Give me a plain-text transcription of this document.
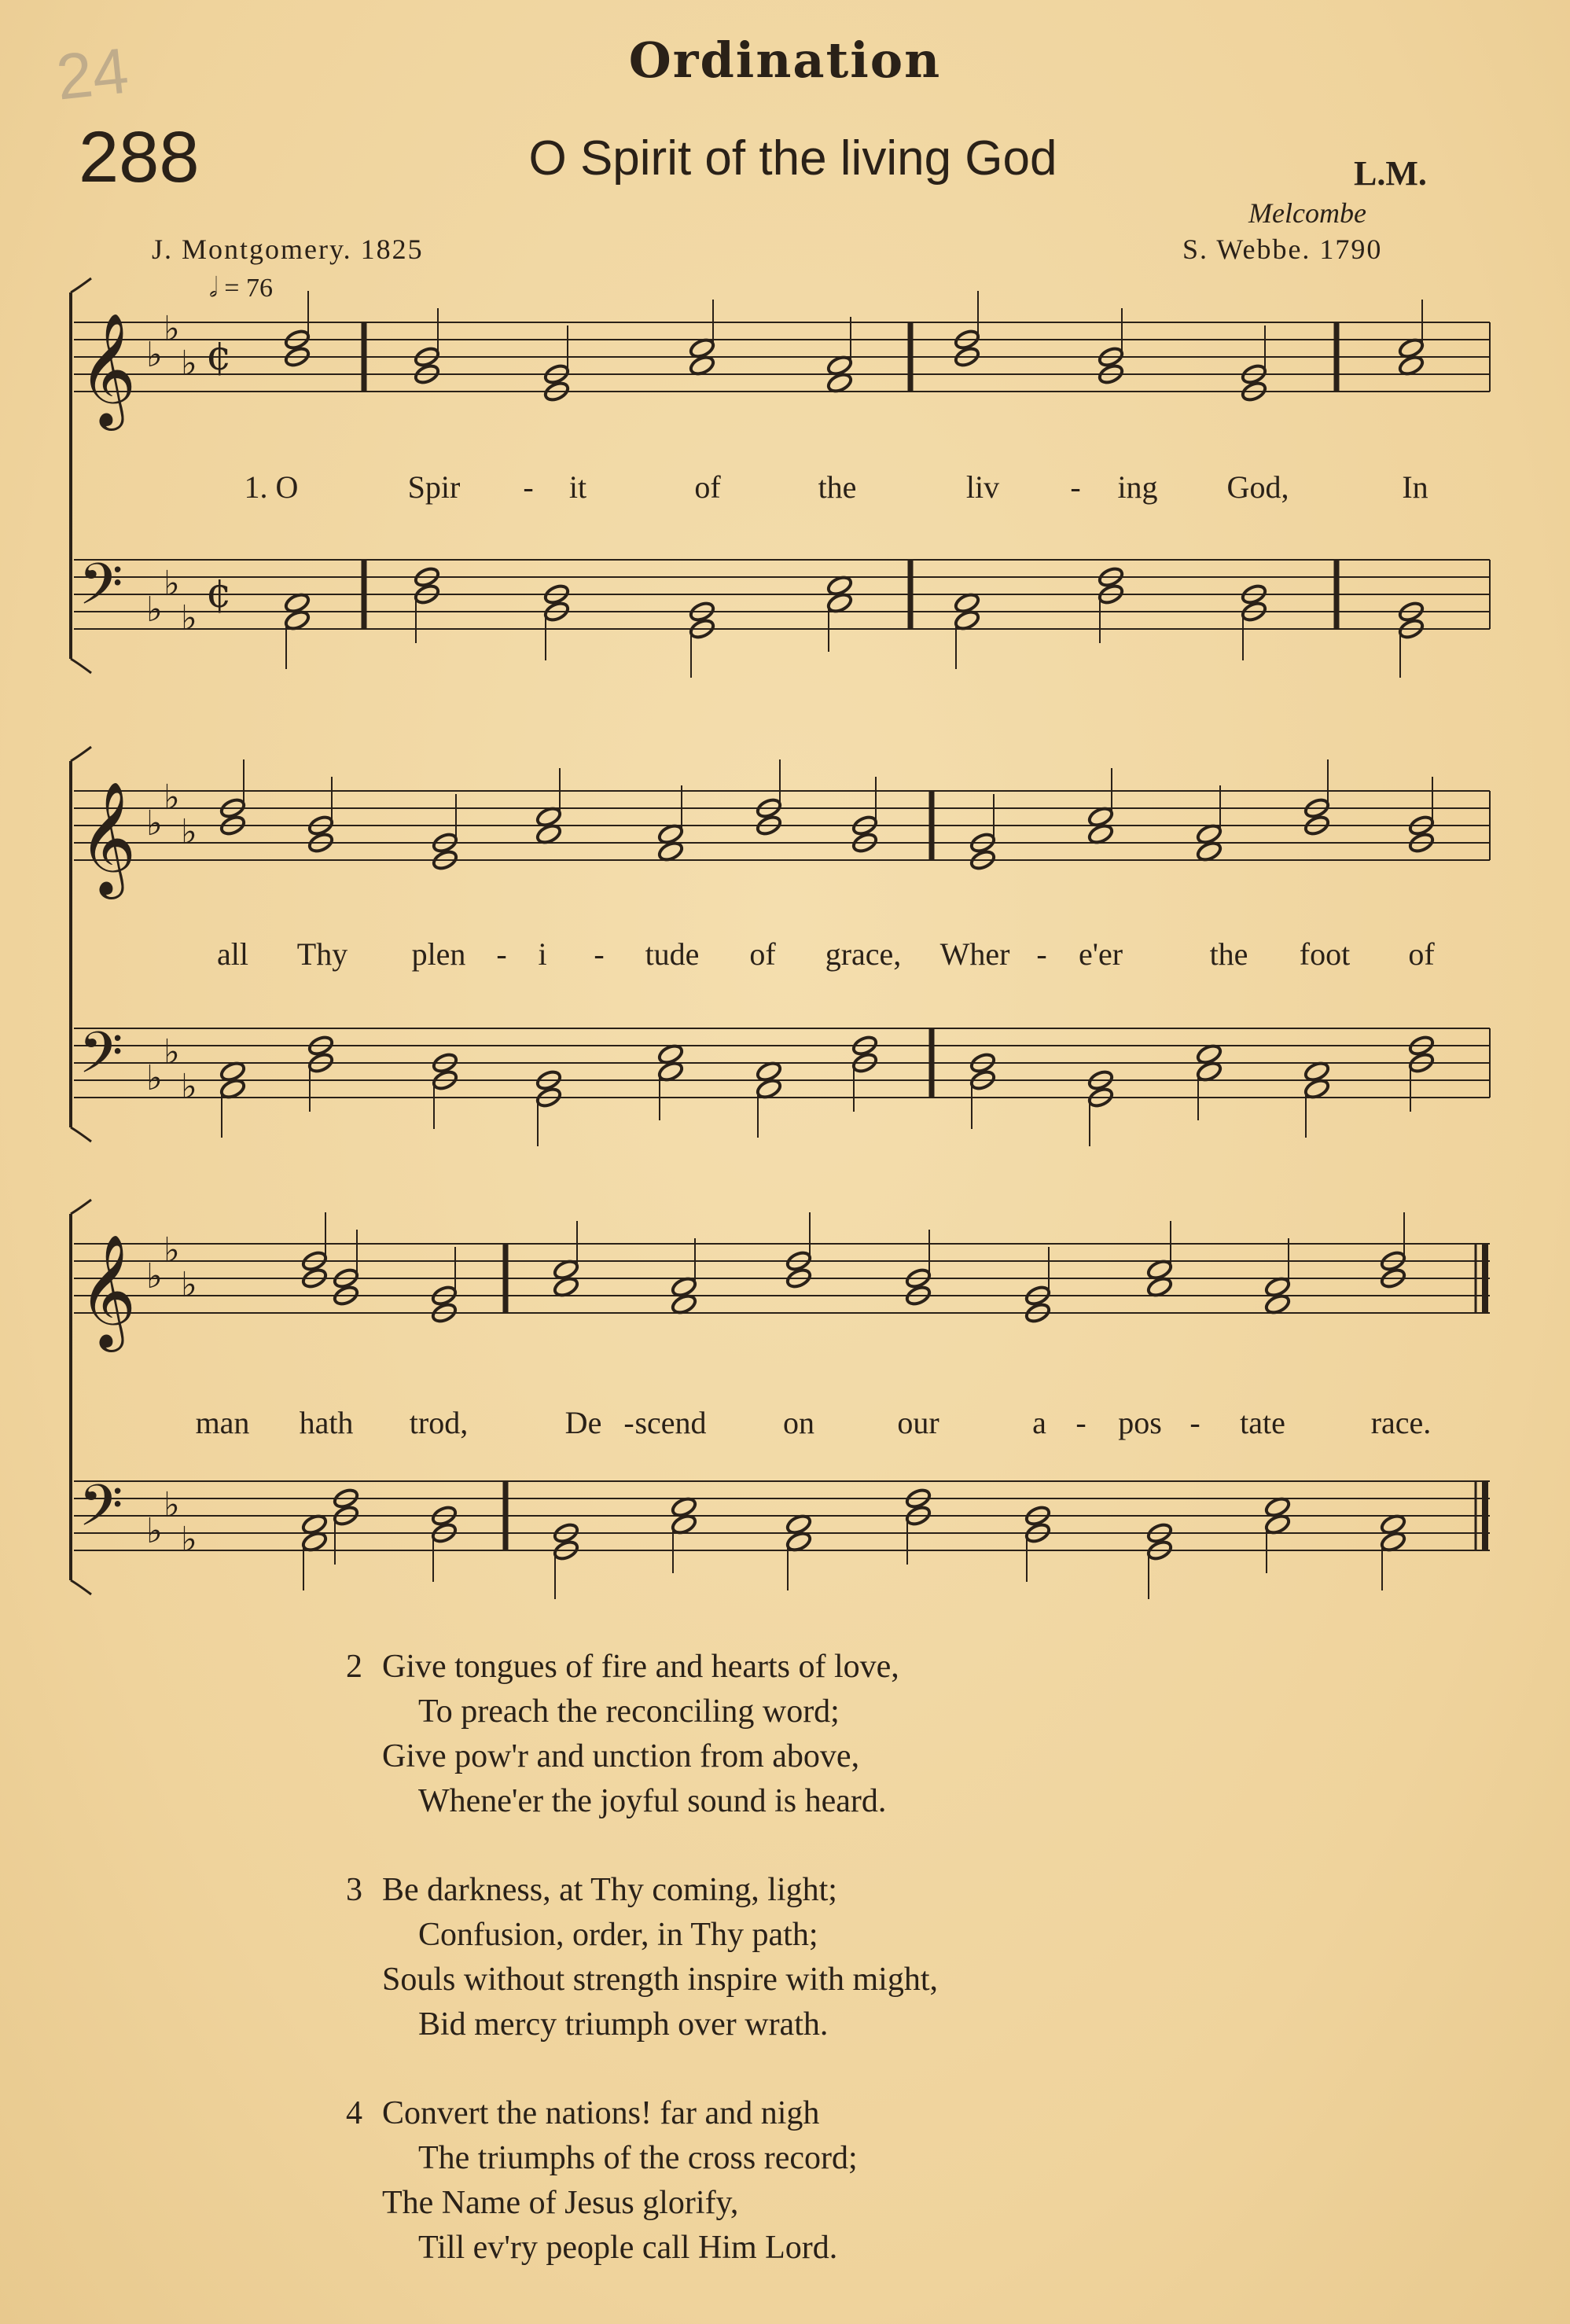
24	Ordination
288	O Spirit of the living God	L.M.
Melcombe
J. Montgomery. 1825	S. Webbe. 1790
𝅗𝅥 = 76
𝄞 ♭
♭
♭ ¢
𝄢 ♭
♭
♭
¢
𝄞 ♭
♭
♭
𝄢 ♭
♭
♭
𝄞 ♭
♭
♭
𝄢 ♭
♭
♭
1. O	Spir - it	of	the	liv - ing God,	In
all Thy plen - i - tude of grace, Wher - e'er	the foot of
man hath trod,	De - scend on	our	a - pos - tate	race.
2 Give tongues of fire and hearts of love,
To preach the reconciling word;
Give pow'r and unction from above,
Whene'er the joyful sound is heard.
3 Be darkness, at Thy coming, light;
Confusion, order, in Thy path;
Souls without strength inspire with might,
Bid mercy triumph over wrath.
4 Convert the nations! far and nigh
The triumphs of the cross record;
The Name of Jesus glorify,
Till ev'ry people call Him Lord.
